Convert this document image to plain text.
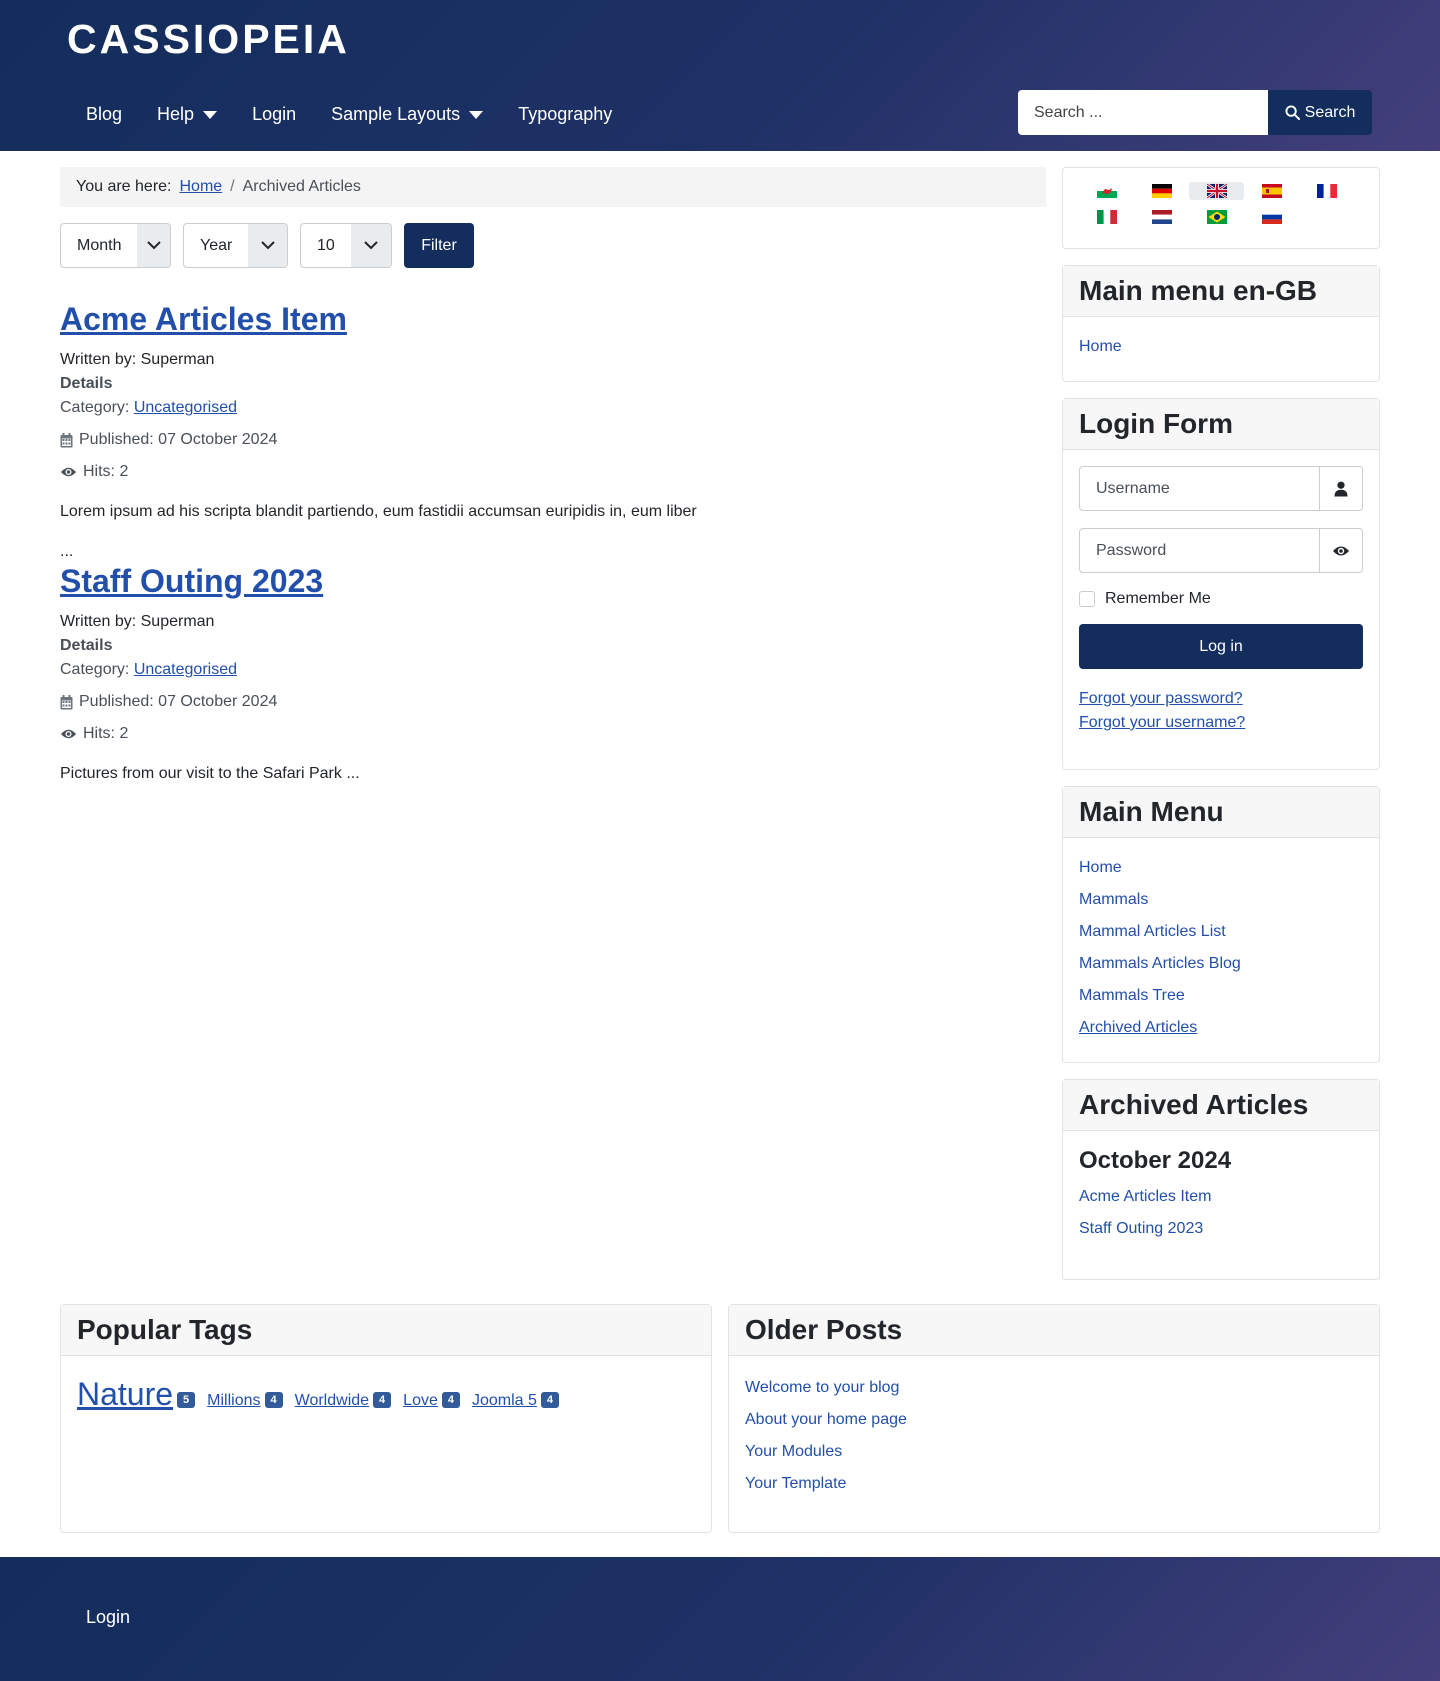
CASSIOPEIA
Blog Help	Login Sample Layouts	Typography
Search ...	Search
You are here: Home / Archived Articles
Month	Year	10	Filter
Acme Articles Item
Written by: Superman
Details
Category: Uncategorised
Published: 07 October 2024
Hits: 2
Lorem ipsum ad his scripta blandit partiendo, eum fastidii accumsan euripidis in, eum liber
...
Staff Outing 2023
Written by: Superman
Details
Category: Uncategorised
Published: 07 October 2024
Hits: 2
Pictures from our visit to the Safari Park ...
Main menu en-GB
Home
Login Form
Username
Remember Me
Log in
Forgot your password?
Forgot your username?
Main Menu
Home
Mammals
Mammal Articles List
Mammals Articles Blog
Mammals Tree
Archived Articles
Archived Articles
October 2024
Acme Articles Item
Staff Outing 2023
Popular Tags
Nature 5	Millions 4	Worldwide 4	Love 4	Joomla 5 4
Older Posts
Welcome to your blog
About your home page
Your Modules
Your Template
Login
